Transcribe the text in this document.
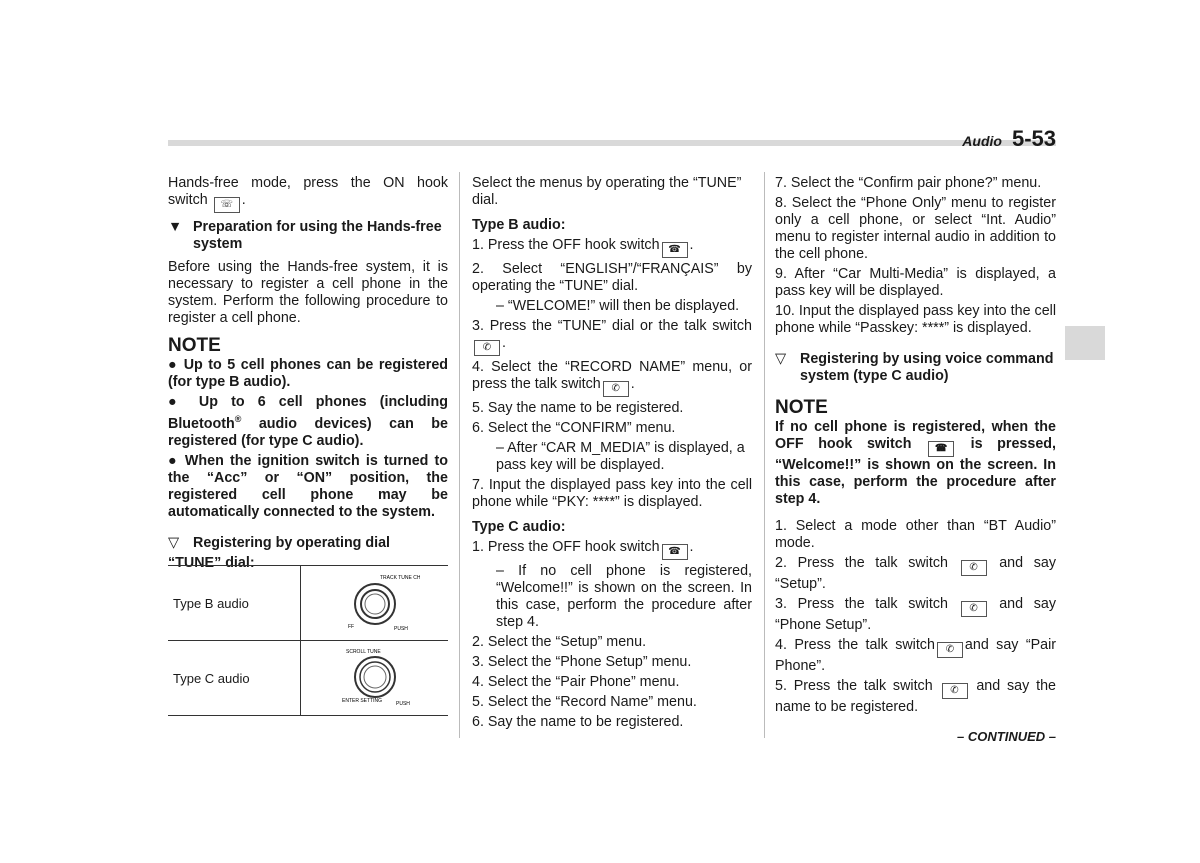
Audio 5-53

Hands-free mode, press the ON hook switch ☏ .

▼ Preparation for using the Hands-free system

Before using the Hands-free system, it is necessary to register a cell phone in the system. Perform the following procedure to register a cell phone.

NOTE

● Up to 5 cell phones can be registered (for type B audio).

● Up to 6 cell phones (including Bluetooth® audio devices) can be registered (for type C audio).

● When the ignition switch is turned to the “Acc” or “ON” position, the registered cell phone may be automatically connected to the system.

▽ Registering by operating dial

“TUNE” dial:

Type B audio	TRACK TUNE CH
FF PUSH

Type C audio	SCROLL TUNE
ENTER SETTING PUSH

Select the menus by operating the “TUNE” dial.

Type B audio:

1. Press the OFF hook switch ☎ .

2. Select “ENGLISH”/“FRANÇAIS” by operating the “TUNE” dial.

– “WELCOME!” will then be displayed.

3. Press the “TUNE” dial or the talk switch✆ .

4. Select the “RECORD NAME” menu, or press the talk switch ✆ .

5. Say the name to be registered.

6. Select the “CONFIRM” menu.

– After “CAR M_MEDIA” is displayed, a pass key will be displayed.

7. Input the displayed pass key into the cell phone while “PKY: ****” is displayed.

Type C audio:

1. Press the OFF hook switch ☎ .

– If no cell phone is registered, “Welcome!!” is shown on the screen. In this case, perform the procedure after step 4.

2. Select the “Setup” menu.

3. Select the “Phone Setup” menu.

4. Select the “Pair Phone” menu.

5. Select the “Record Name” menu.

6. Say the name to be registered.

7. Select the “Confirm pair phone?” menu.

8. Select the “Phone Only” menu to register only a cell phone, or select “Int. Audio” menu to register internal audio in addition to the cell phone.

9. After “Car Multi-Media” is displayed, a pass key will be displayed.

10. Input the displayed pass key into the cell phone while “Passkey: ****” is displayed.

▽ Registering by using voice command system (type C audio)
NOTE

If no cell phone is registered, when the OFF hook switch ☎ is pressed, “Welcome!!” is shown on the screen. In this case, perform the procedure after step 4.

1. Select a mode other than “BT Audio” mode.

2. Press the talk switch ✆ and say “Setup”.

3. Press the talk switch ✆ and say “Phone Setup”.

4. Press the talk switch ✆ and say “Pair Phone”.

5. Press the talk switch ✆ and say the name to be registered.

– CONTINUED –
